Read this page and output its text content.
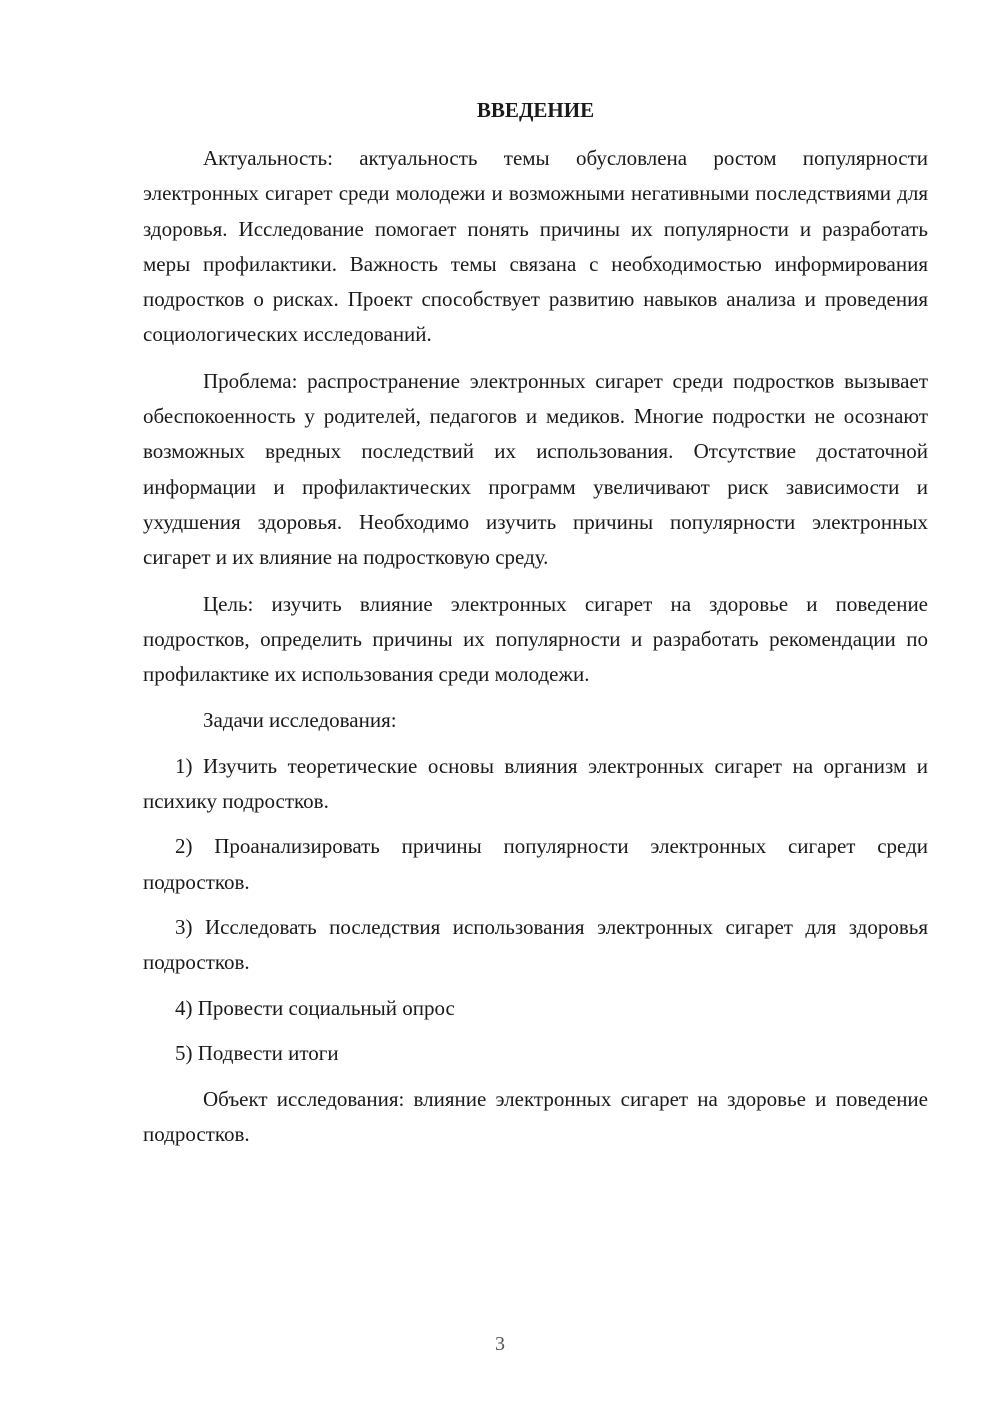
ВВЕДЕНИЕ

Актуальность: актуальность темы обусловлена ростом популярности электронных сигарет среди молодежи и возможными негативными последствиями для здоровья. Исследование помогает понять причины их популярности и разработать меры профилактики. Важность темы связана с необходимостью информирования подростков о рисках. Проект способствует развитию навыков анализа и проведения социологических исследований.

Проблема: распространение электронных сигарет среди подростков вызывает обеспокоенность у родителей, педагогов и медиков. Многие подростки не осознают возможных вредных последствий их использования. Отсутствие достаточной информации и профилактических программ увеличивают риск зависимости и ухудшения здоровья. Необходимо изучить причины популярности электронных сигарет и их влияние на подростковую среду.

Цель: изучить влияние электронных сигарет на здоровье и поведение подростков, определить причины их популярности и разработать рекомендации по профилактике их использования среди молодежи.

Задачи исследования:

1) Изучить теоретические основы влияния электронных сигарет на организм и психику подростков.

2) Проанализировать причины популярности электронных сигарет среди подростков.

3) Исследовать последствия использования электронных сигарет для здоровья подростков.

4) Провести социальный опрос

5) Подвести итоги

Объект исследования: влияние электронных сигарет на здоровье и поведение подростков.

3
